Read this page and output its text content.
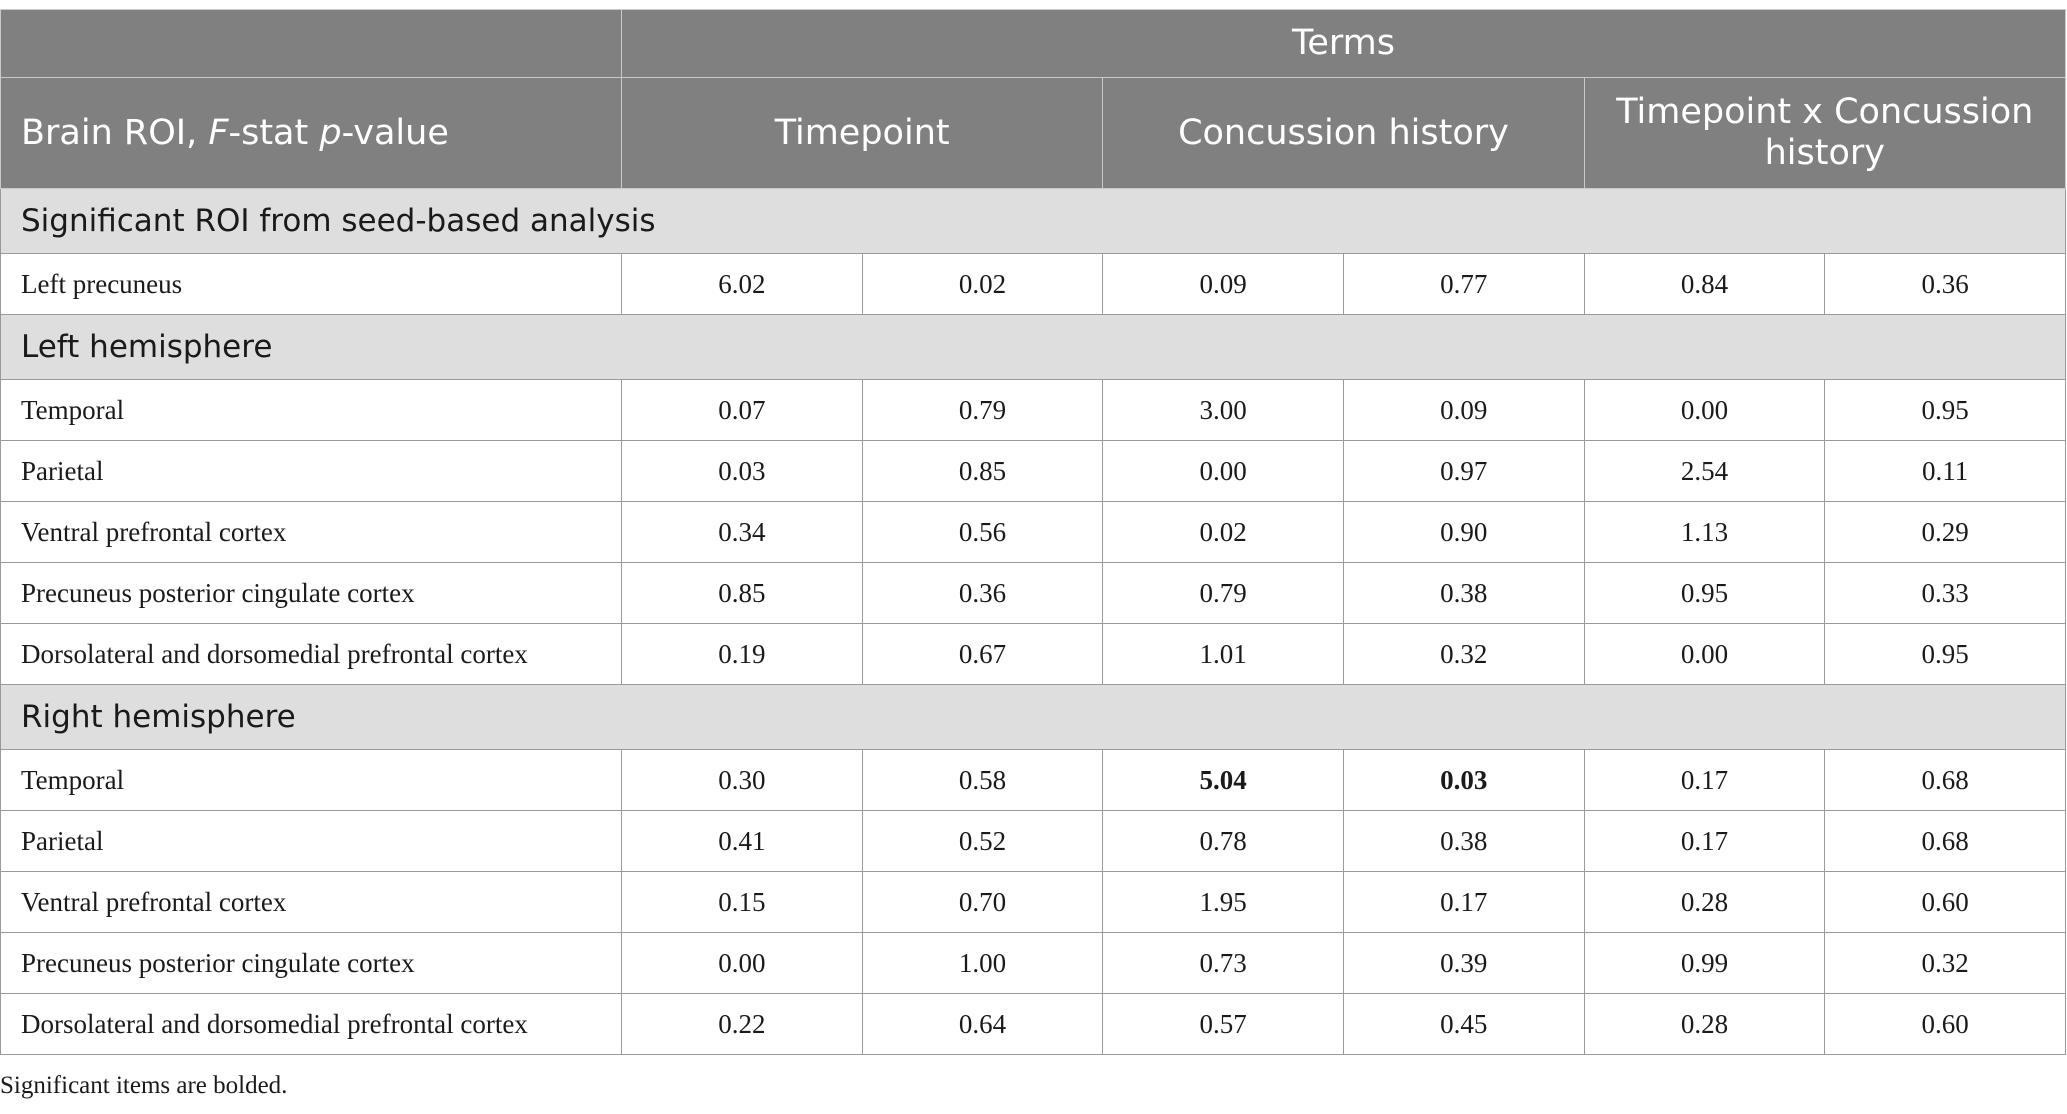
	Terms					
Brain ROI, F-stat p-value	Timepoint		Concussion history		Timepoint x Concussion history	
Significant ROI from seed-based analysis						
Left precuneus	6.02	0.02	0.09	0.77	0.84	0.36
Left hemisphere						
Temporal	0.07	0.79	3.00	0.09	0.00	0.95
Parietal	0.03	0.85	0.00	0.97	2.54	0.11
Ventral prefrontal cortex	0.34	0.56	0.02	0.90	1.13	0.29
Precuneus posterior cingulate cortex	0.85	0.36	0.79	0.38	0.95	0.33
Dorsolateral and dorsomedial prefrontal cortex	0.19	0.67	1.01	0.32	0.00	0.95
Right hemisphere						
Temporal	0.30	0.58	5.04	0.03	0.17	0.68
Parietal	0.41	0.52	0.78	0.38	0.17	0.68
Ventral prefrontal cortex	0.15	0.70	1.95	0.17	0.28	0.60
Precuneus posterior cingulate cortex	0.00	1.00	0.73	0.39	0.99	0.32
Dorsolateral and dorsomedial prefrontal cortex	0.22	0.64	0.57	0.45	0.28	0.60
Significant items are bolded.
